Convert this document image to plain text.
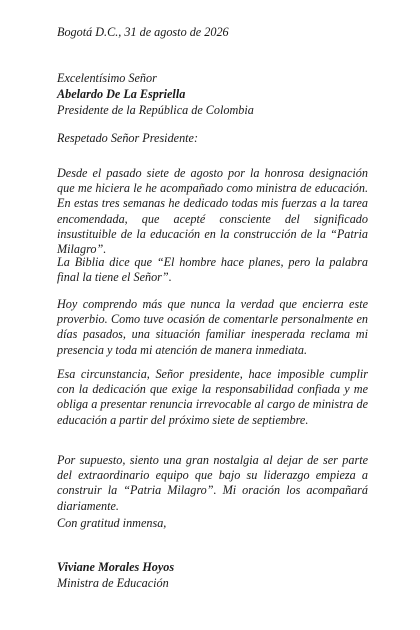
Bogotá D.C., 31 de agosto de 2026
Excelentísimo Señor
Abelardo De La Espriella
Presidente de la República de Colombia
Respetado Señor Presidente:

Desde el pasado siete de agosto por la honrosa designación que me hiciera le he acompañado como ministra de educación. En estas tres semanas he dedicado todas mis fuerzas a la tarea encomendada, que acepté consciente del significado insustituible de la educación en la construcción de la “Patria Milagro”.

La Biblia dice que “El hombre hace planes, pero la palabra final la tiene el Señor”.

Hoy comprendo más que nunca la verdad que encierra este proverbio. Como tuve ocasión de comentarle personalmente en días pasados, una situación familiar inesperada reclama mi presencia y toda mi atención de manera inmediata.

Esa circunstancia, Señor presidente, hace imposible cumplir con la dedicación que exige la responsabilidad confiada y me obliga a presentar renuncia irrevocable al cargo de ministra de educación a partir del próximo siete de septiembre.

Por supuesto, siento una gran nostalgia al dejar de ser parte del extraordinario equipo que bajo su liderazgo empieza a construir la “Patria Milagro”. Mi oración los acompañará diariamente.

Con gratitud inmensa,
Viviane Morales Hoyos
Ministra de Educación
